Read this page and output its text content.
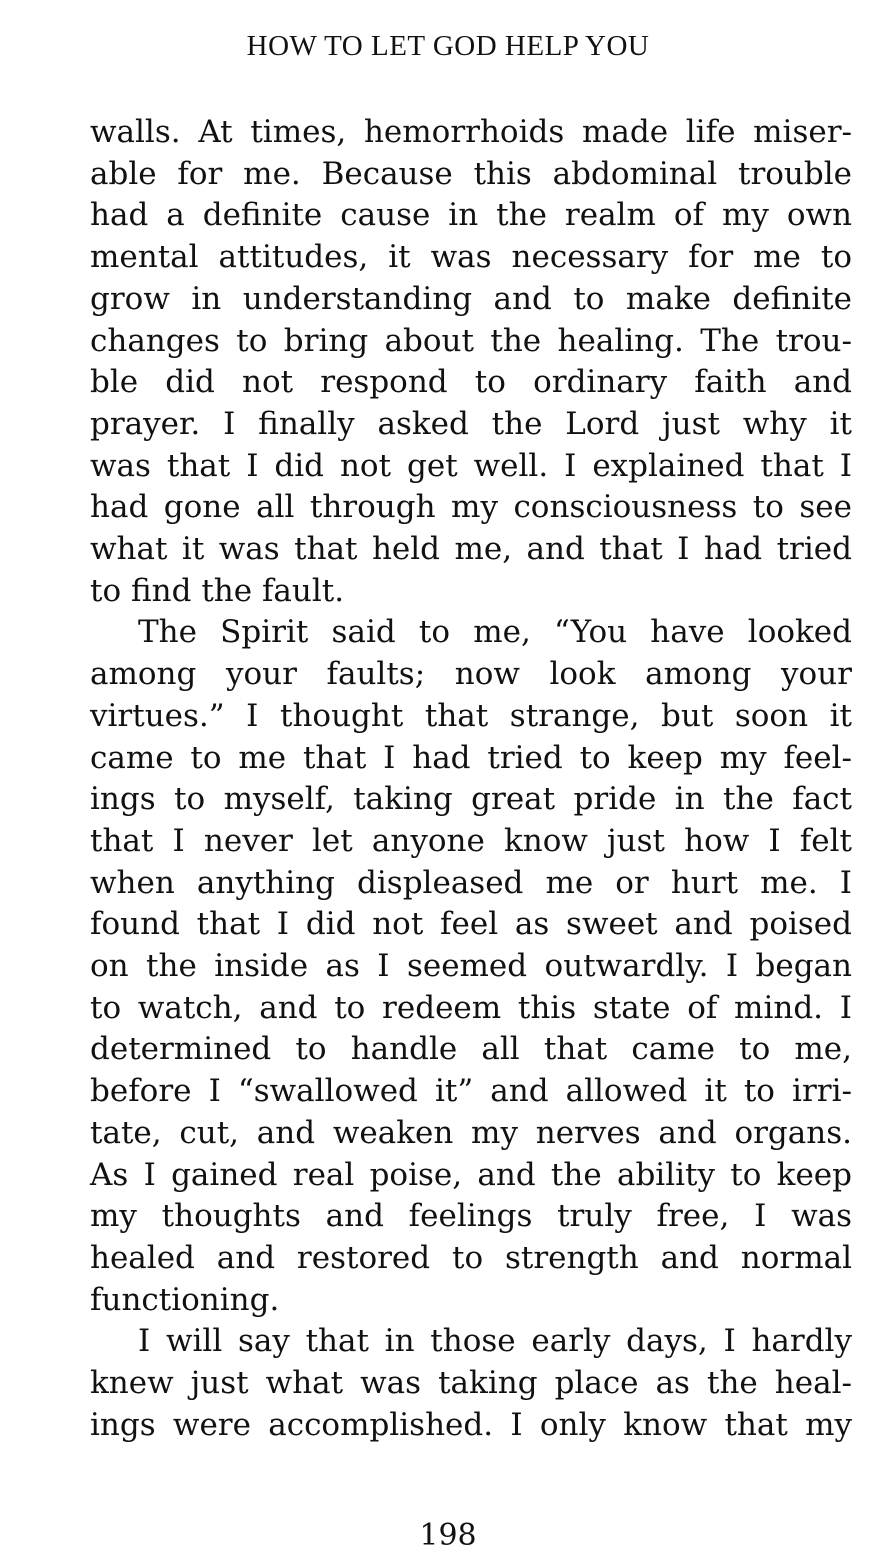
HOW TO LET GOD HELP YOU
walls. At times, hemorrhoids made life miser-
able for me. Because this abdominal trouble
had a definite cause in the realm of my own
mental attitudes, it was necessary for me to
grow in understanding and to make definite
changes to bring about the healing. The trou-
ble did not respond to ordinary faith and
prayer. I finally asked the Lord just why it
was that I did not get well. I explained that I
had gone all through my consciousness to see
what it was that held me, and that I had tried
to find the fault.
The Spirit said to me, “You have looked
among your faults; now look among your
virtues.” I thought that strange, but soon it
came to me that I had tried to keep my feel-
ings to myself, taking great pride in the fact
that I never let anyone know just how I felt
when anything displeased me or hurt me. I
found that I did not feel as sweet and poised
on the inside as I seemed outwardly. I began
to watch, and to redeem this state of mind. I
determined to handle all that came to me,
before I “swallowed it” and allowed it to irri-
tate, cut, and weaken my nerves and organs.
As I gained real poise, and the ability to keep
my thoughts and feelings truly free, I was
healed and restored to strength and normal
functioning.
I will say that in those early days, I hardly
knew just what was taking place as the heal-
ings were accomplished. I only know that my
198
